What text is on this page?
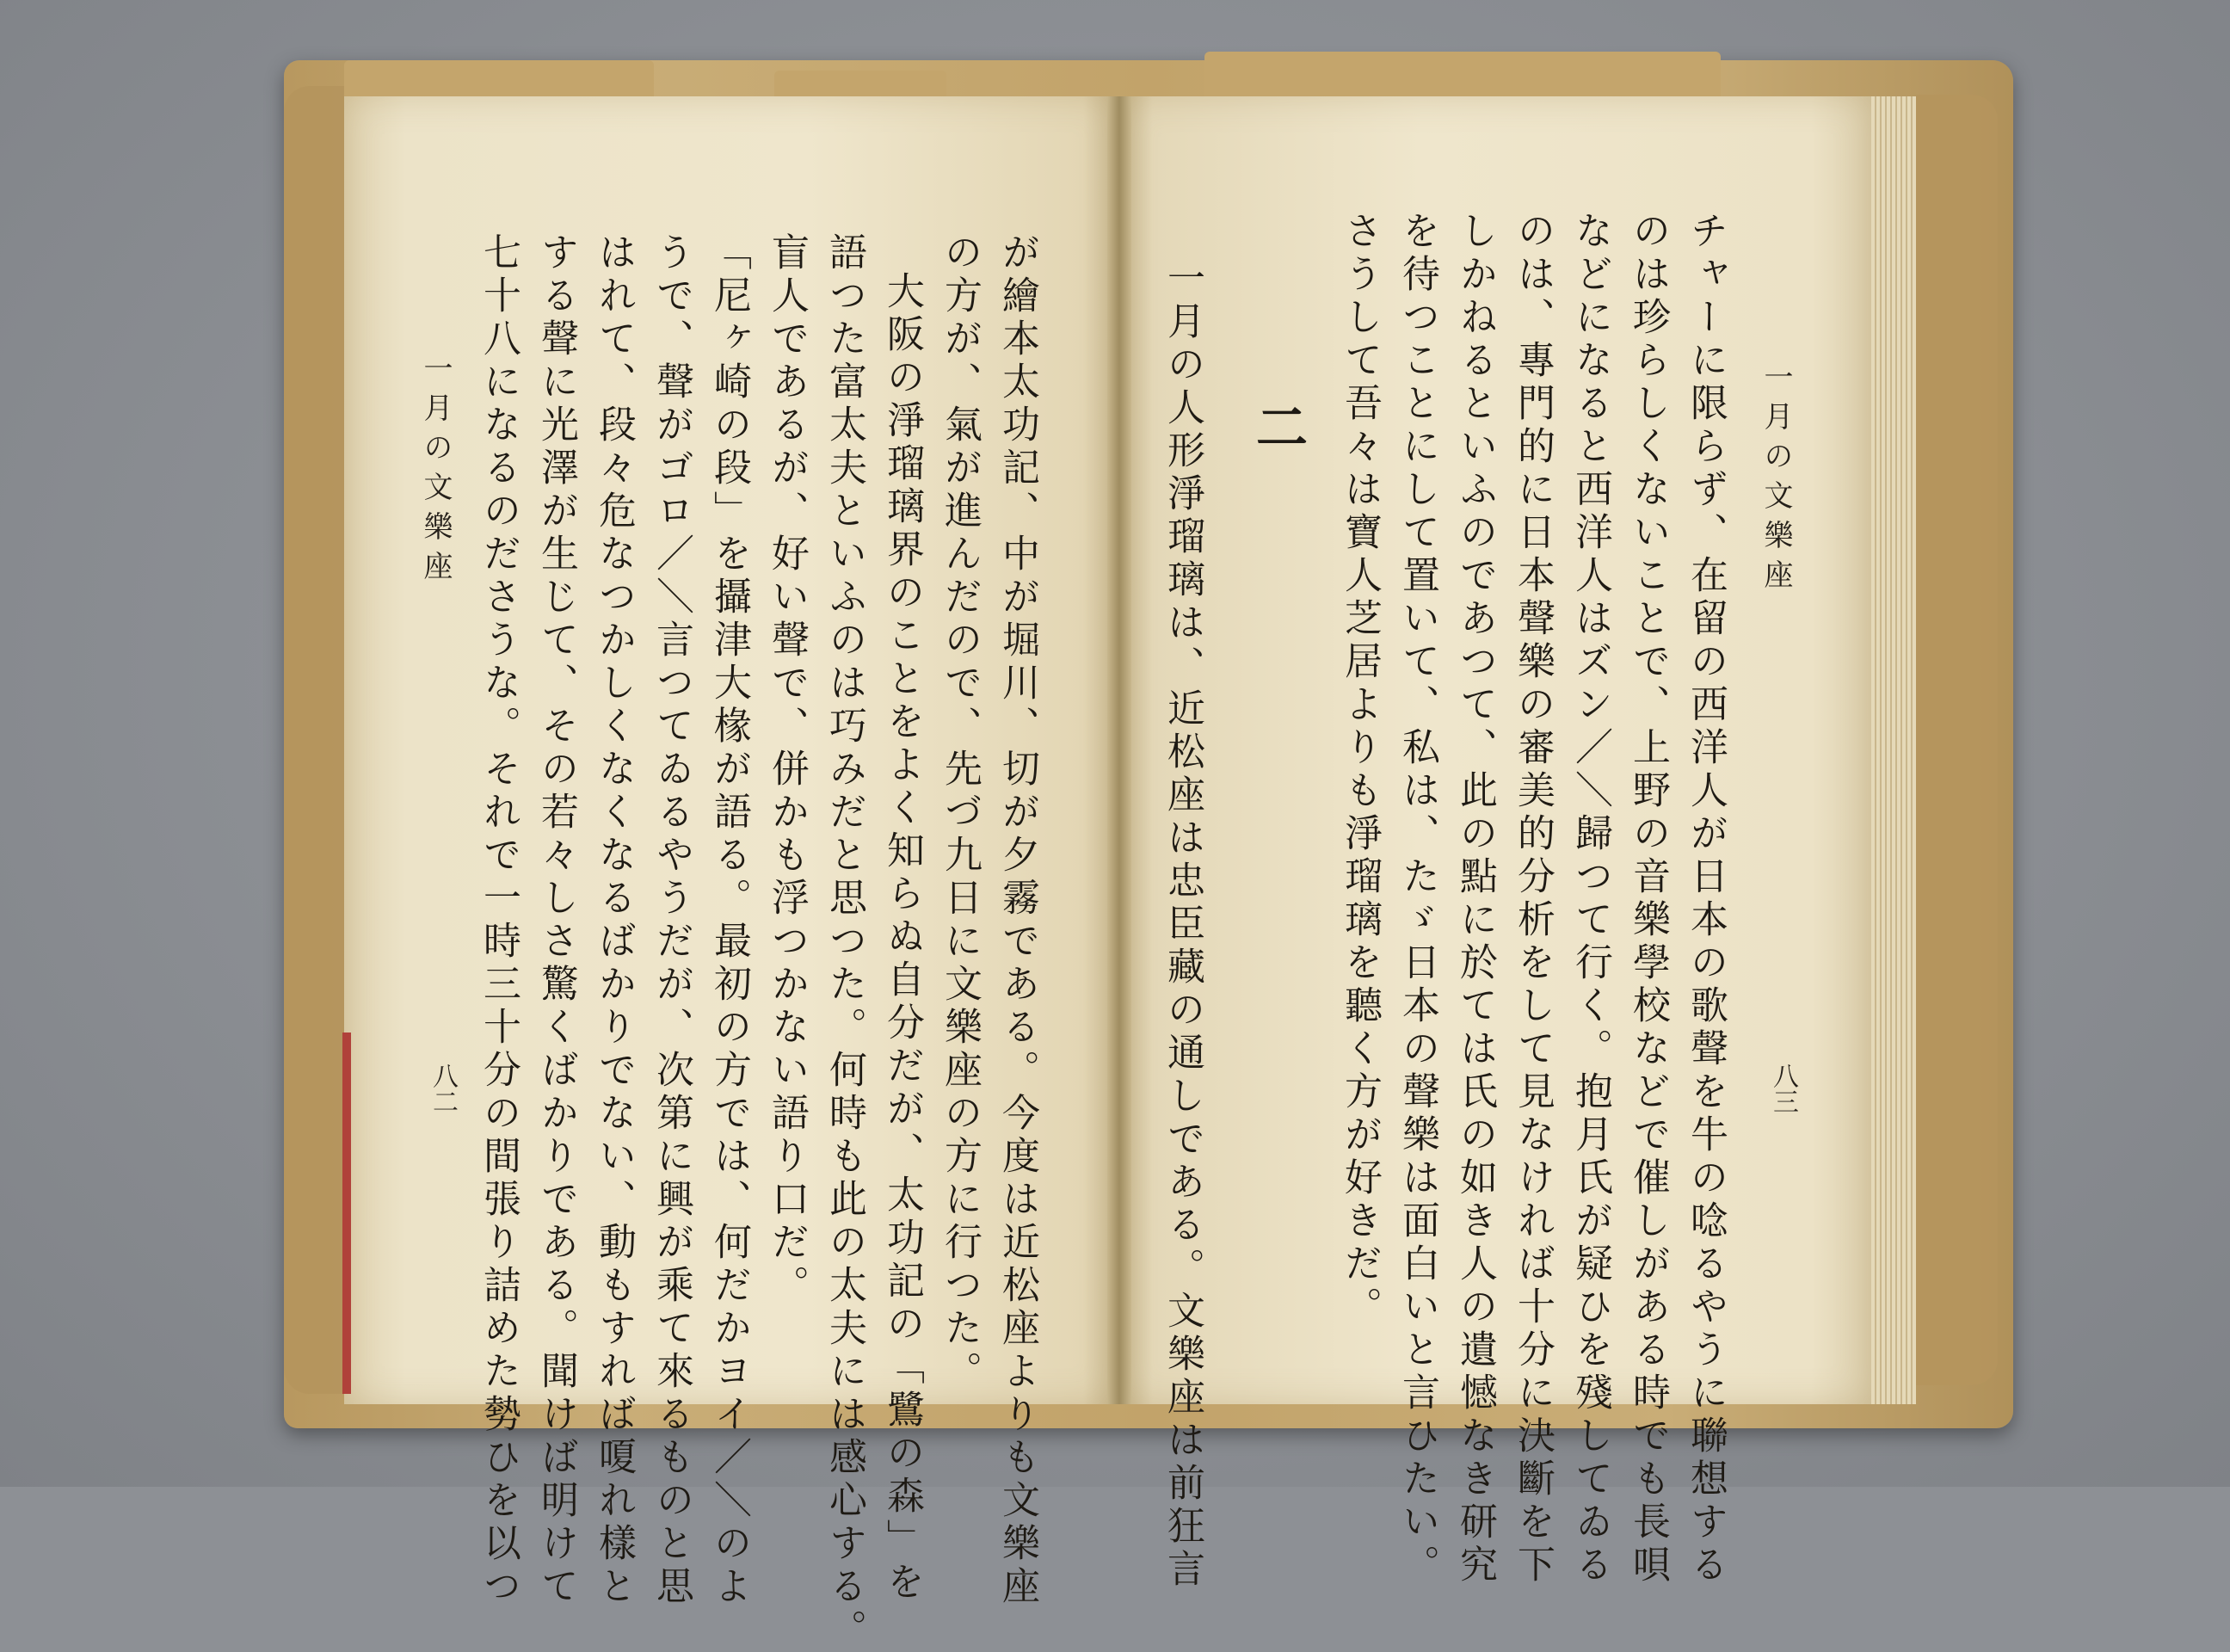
一月の文樂座
八三
チャーに限らず、在留の西洋人が日本の歌聲を牛の唸るやうに聯想する
のは珍らしくないことで、上野の音樂學校などで催しがある時でも長唄
などになると西洋人はズン／＼歸つて行く。抱月氏が疑ひを殘してゐる
のは、專門的に日本聲樂の審美的分析をして見なければ十分に決斷を下
しかねるといふのであつて、此の點に於ては氏の如き人の遺憾なき研究
を待つことにして置いて、私は、たゞ日本の聲樂は面白いと言ひたい。
さうして吾々は寶人芝居よりも淨瑠璃を聽く方が好きだ。
二
一月の人形淨瑠璃は、近松座は忠臣藏の通しである。文樂座は前狂言
が繪本太功記、中が堀川、切が夕霧である。今度は近松座よりも文樂座
の方が、氣が進んだので、先づ九日に文樂座の方に行つた。
大阪の淨瑠璃界のことをよく知らぬ自分だが、太功記の「鷺の森」を
語つた富太夫といふのは巧みだと思つた。何時も此の太夫には感心する。
盲人であるが、好い聲で、併かも浮つかない語り口だ。
「尼ヶ崎の段」を攝津大椽が語る。最初の方では、何だかヨイ／＼のよ
うで、聲がゴロ／＼言つてゐるやうだが、次第に興が乘て來るものと思
はれて、段々危なつかしくなくなるばかりでない、動もすれば嗄れ樣と
する聲に光澤が生じて、その若々しさ驚くばかりである。聞けば明けて
七十八になるのださうな。それで一時三十分の間張り詰めた勢ひを以つ
一月の文樂座
八二
